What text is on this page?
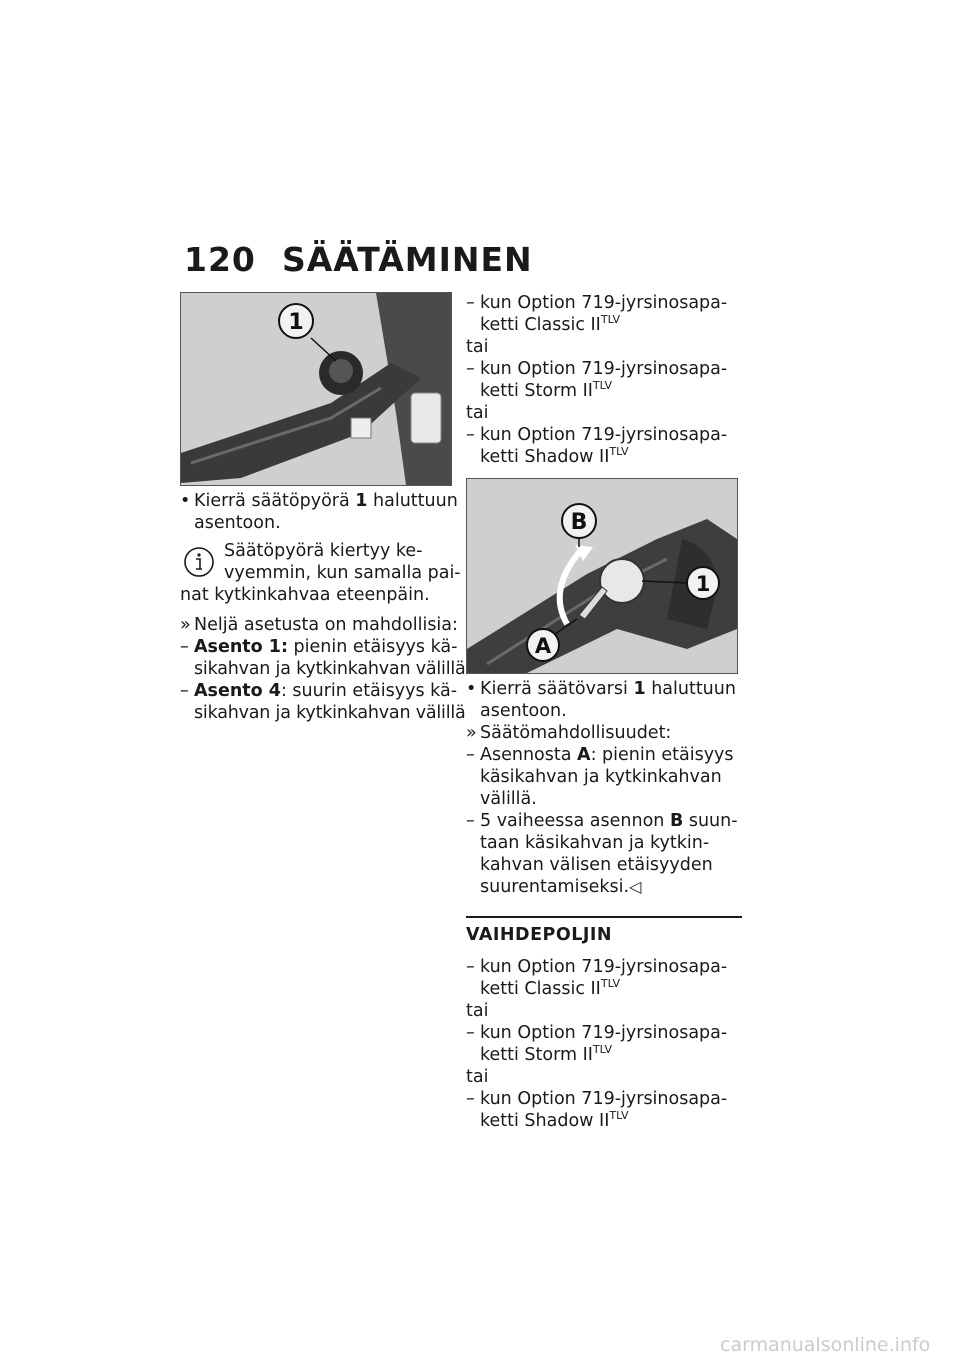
120 SÄÄTÄMINEN
1
• Kierrä säätöpyörä 1 haluttuun
asentoon.
Säätöpyörä kiertyy ke-
vyemmin, kun samalla pai-
nat kytkinkahvaa eteenpäin.
» Neljä asetusta on mahdollisia:
– Asento 1: pienin etäisyys kä-
sikahvan ja kytkinkahvan välillä
– Asento 4: suurin etäisyys kä-
sikahvan ja kytkinkahvan välillä
– kun Option 719-jyrsinosapa-
ketti Classic $II^{TLV}$
tai
– kun Option 719-jyrsinosapa-
ketti Storm $II^{TLV}$
tai
– kun Option 719-jyrsinosapa-
ketti Shadow $II^{TLV}$
B
A
1
• Kierrä säätövarsi 1 haluttuun
asentoon.
» Säätömahdollisuudet:
– Asennosta A: pienin etäisyys
käsikahvan ja kytkinkahvan
välillä.
– 5 vaiheessa asennon B suun-
taan käsikahvan ja kytkin-
kahvan välisen etäisyyden
suurentamiseksi.◁
VAIHDEPOLJIN
– kun Option 719-jyrsinosapa-
ketti Classic $II^{TLV}$
tai
– kun Option 719-jyrsinosapa-
ketti Storm $II^{TLV}$
tai
– kun Option 719-jyrsinosapa-
ketti Shadow $II^{TLV}$
carmanualsonline.info
